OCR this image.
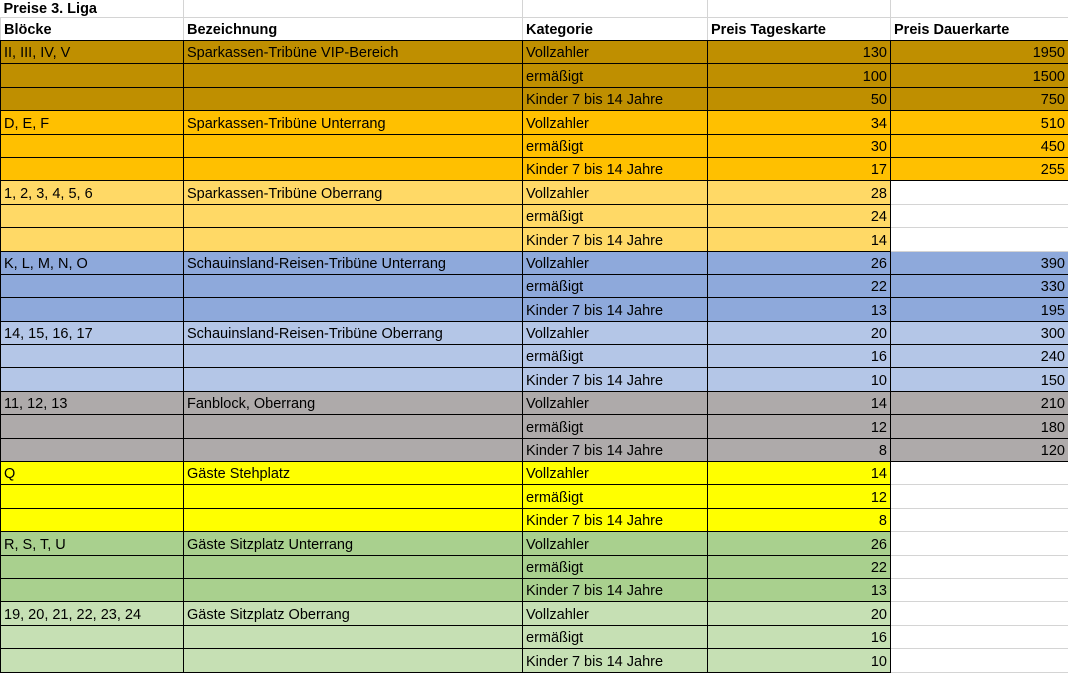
Preise 3. Liga				
Blöcke	Bezeichnung	Kategorie	Preis Tageskarte	Preis Dauerkarte
II, III, IV, V	Sparkassen-Tribüne VIP-Bereich	Vollzahler	130	1950
		ermäßigt	100	1500
		Kinder 7 bis 14 Jahre	50	750
D, E, F	Sparkassen-Tribüne Unterrang	Vollzahler	34	510
		ermäßigt	30	450
		Kinder 7 bis 14 Jahre	17	255
1, 2, 3, 4, 5, 6	Sparkassen-Tribüne Oberrang	Vollzahler	28	
		ermäßigt	24	
		Kinder 7 bis 14 Jahre	14	
K, L, M, N, O	Schauinsland-Reisen-Tribüne Unterrang	Vollzahler	26	390
		ermäßigt	22	330
		Kinder 7 bis 14 Jahre	13	195
14, 15, 16, 17	Schauinsland-Reisen-Tribüne Oberrang	Vollzahler	20	300
		ermäßigt	16	240
		Kinder 7 bis 14 Jahre	10	150
11, 12, 13	Fanblock, Oberrang	Vollzahler	14	210
		ermäßigt	12	180
		Kinder 7 bis 14 Jahre	8	120
Q	Gäste Stehplatz	Vollzahler	14	
		ermäßigt	12	
		Kinder 7 bis 14 Jahre	8	
R, S, T, U	Gäste Sitzplatz Unterrang	Vollzahler	26	
		ermäßigt	22	
		Kinder 7 bis 14 Jahre	13	
19, 20, 21, 22, 23, 24	Gäste Sitzplatz Oberrang	Vollzahler	20	
		ermäßigt	16	
		Kinder 7 bis 14 Jahre	10	
